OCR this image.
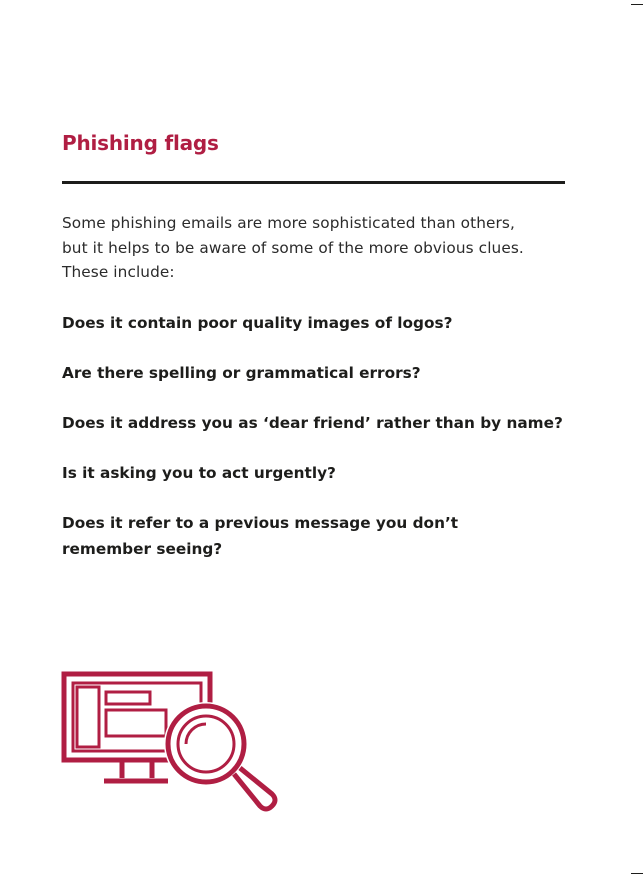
Phishing flags

Some phishing emails are more sophisticated than others,
but it helps to be aware of some of the more obvious clues.
These include:

Does it contain poor quality images of logos?

Are there spelling or grammatical errors?

Does it address you as ‘dear friend’ rather than by name?

Is it asking you to act urgently?

Does it refer to a previous message you don’t
remember seeing?
